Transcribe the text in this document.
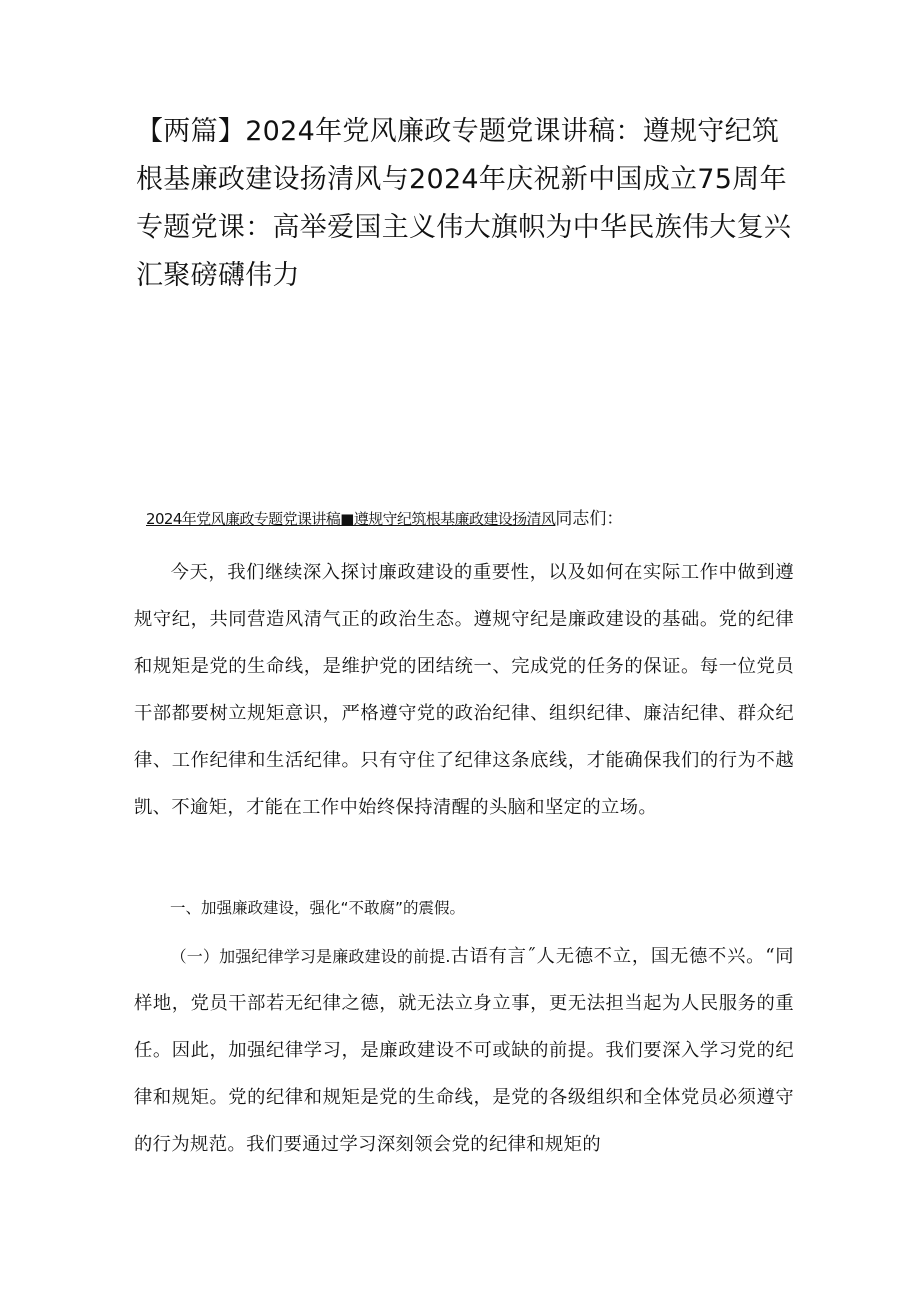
【两篇】2024年党风廉政专题党课讲稿：遵规守纪筑根基廉政建设扬清风与2024年庆祝新中国成立75周年专题党课：高举爱国主义伟大旗帜为中华民族伟大复兴汇聚磅礴伟力

2024年党风廉政专题党课讲稿■遵规守纪筑根基廉政建设扬清风同志们：

今天，我们继续深入探讨廉政建设的重要性，以及如何在实际工作中做到遵规守纪，共同营造风清气正的政治生态。遵规守纪是廉政建设的基础。党的纪律和规矩是党的生命线，是维护党的团结统一、完成党的任务的保证。每一位党员干部都要树立规矩意识，严格遵守党的政治纪律、组织纪律、廉洁纪律、群众纪律、工作纪律和生活纪律。只有守住了纪律这条底线，才能确保我们的行为不越凯、不逾矩，才能在工作中始终保持清醒的头脑和坚定的立场。

一、加强廉政建设，强化“不敢腐”的震假。

（一）加强纪律学习是廉政建设的前提.古语有言˝人无德不立，国无德不兴。“同样地，党员干部若无纪律之德，就无法立身立事，更无法担当起为人民服务的重任。因此，加强纪律学习，是廉政建设不可或缺的前提。我们要深入学习党的纪律和规矩。党的纪律和规矩是党的生命线，是党的各级组织和全体党员必须遵守的行为规范。我们要通过学习深刻领会党的纪律和规矩的
